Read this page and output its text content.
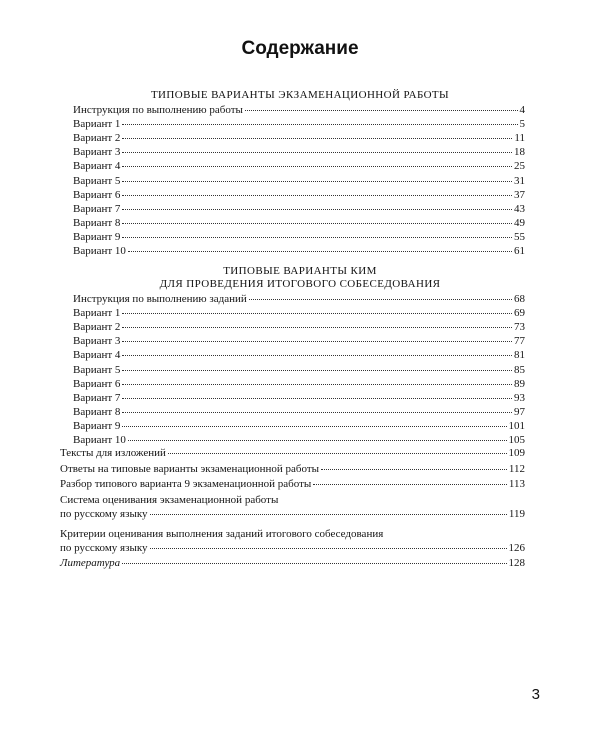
Содержание
ТИПОВЫЕ ВАРИАНТЫ ЭКЗАМЕНАЦИОННОЙ РАБОТЫ
Инструкция по выполнению работы	4
Вариант 1	5
Вариант 2	11
Вариант 3	18
Вариант 4	25
Вариант 5	31
Вариант 6	37
Вариант 7	43
Вариант 8	49
Вариант 9	55
Вариант 10	61
ТИПОВЫЕ ВАРИАНТЫ КИМ
ДЛЯ ПРОВЕДЕНИЯ ИТОГОВОГО СОБЕСЕДОВАНИЯ
Инструкция по выполнению заданий	68
Вариант 1	69
Вариант 2	73
Вариант 3	77
Вариант 4	81
Вариант 5	85
Вариант 6	89
Вариант 7	93
Вариант 8	97
Вариант 9	101
Вариант 10	105
Тексты для изложений	109
Ответы на типовые варианты экзаменационной работы	112
Разбор типового варианта 9 экзаменационной работы	113
Система оценивания экзаменационной работы
по русскому языку	119
Критерии оценивания выполнения заданий итогового собеседования
по русскому языку	126
Литература	128
3
